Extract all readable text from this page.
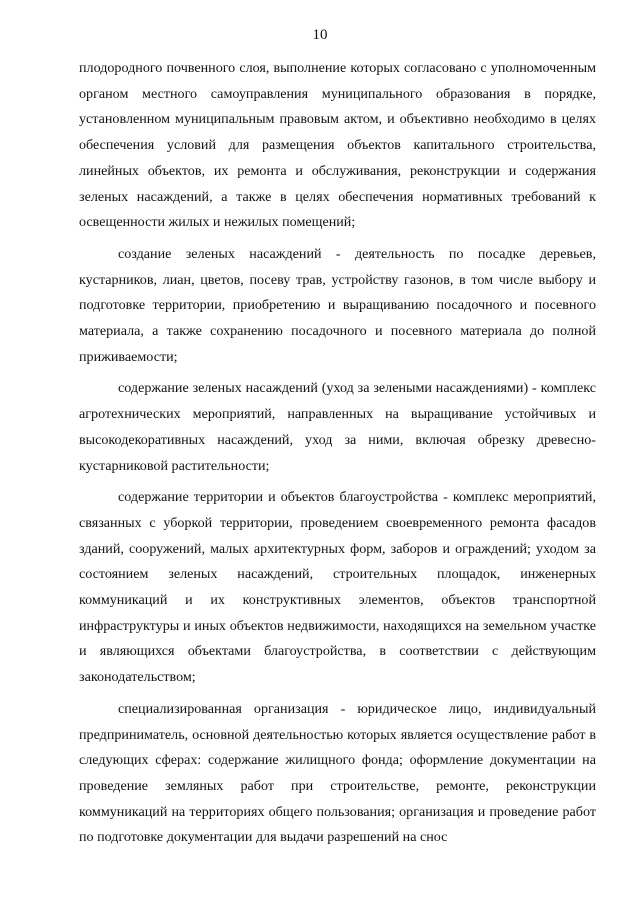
10

плодородного почвенного слоя, выполнение которых согласовано с уполномоченным органом местного самоуправления муниципального образования в порядке, установленном муниципальным правовым актом, и объективно необходимо в целях обеспечения условий для размещения объектов капитального строительства, линейных объектов, их ремонта и обслуживания, реконструкции и содержания зеленых насаждений, а также в целях обеспечения нормативных требований к освещенности жилых и нежилых помещений;

создание зеленых насаждений - деятельность по посадке деревьев, кустарников, лиан, цветов, посеву трав, устройству газонов, в том числе выбору и подготовке территории, приобретению и выращиванию посадочного и посевного материала, а также сохранению посадочного и посевного материала до полной приживаемости;

содержание зеленых насаждений (уход за зелеными насаждениями) - комплекс агротехнических мероприятий, направленных на выращивание устойчивых и высокодекоративных насаждений, уход за ними, включая обрезку древесно-кустарниковой растительности;

содержание территории и объектов благоустройства - комплекс мероприятий, связанных с уборкой территории, проведением своевременного ремонта фасадов зданий, сооружений, малых архитектурных форм, заборов и ограждений; уходом за состоянием зеленых насаждений, строительных площадок, инженерных коммуникаций и их конструктивных элементов, объектов транспортной инфраструктуры и иных объектов недвижимости, находящихся на земельном участке и являющихся объектами благоустройства, в соответствии с действующим законодательством;

специализированная организация - юридическое лицо, индивидуальный предприниматель, основной деятельностью которых является осуществление работ в следующих сферах: содержание жилищного фонда; оформление документации на проведение земляных работ при строительстве, ремонте, реконструкции коммуникаций на территориях общего пользования; организация и проведение работ по подготовке документации для выдачи разрешений на снос
